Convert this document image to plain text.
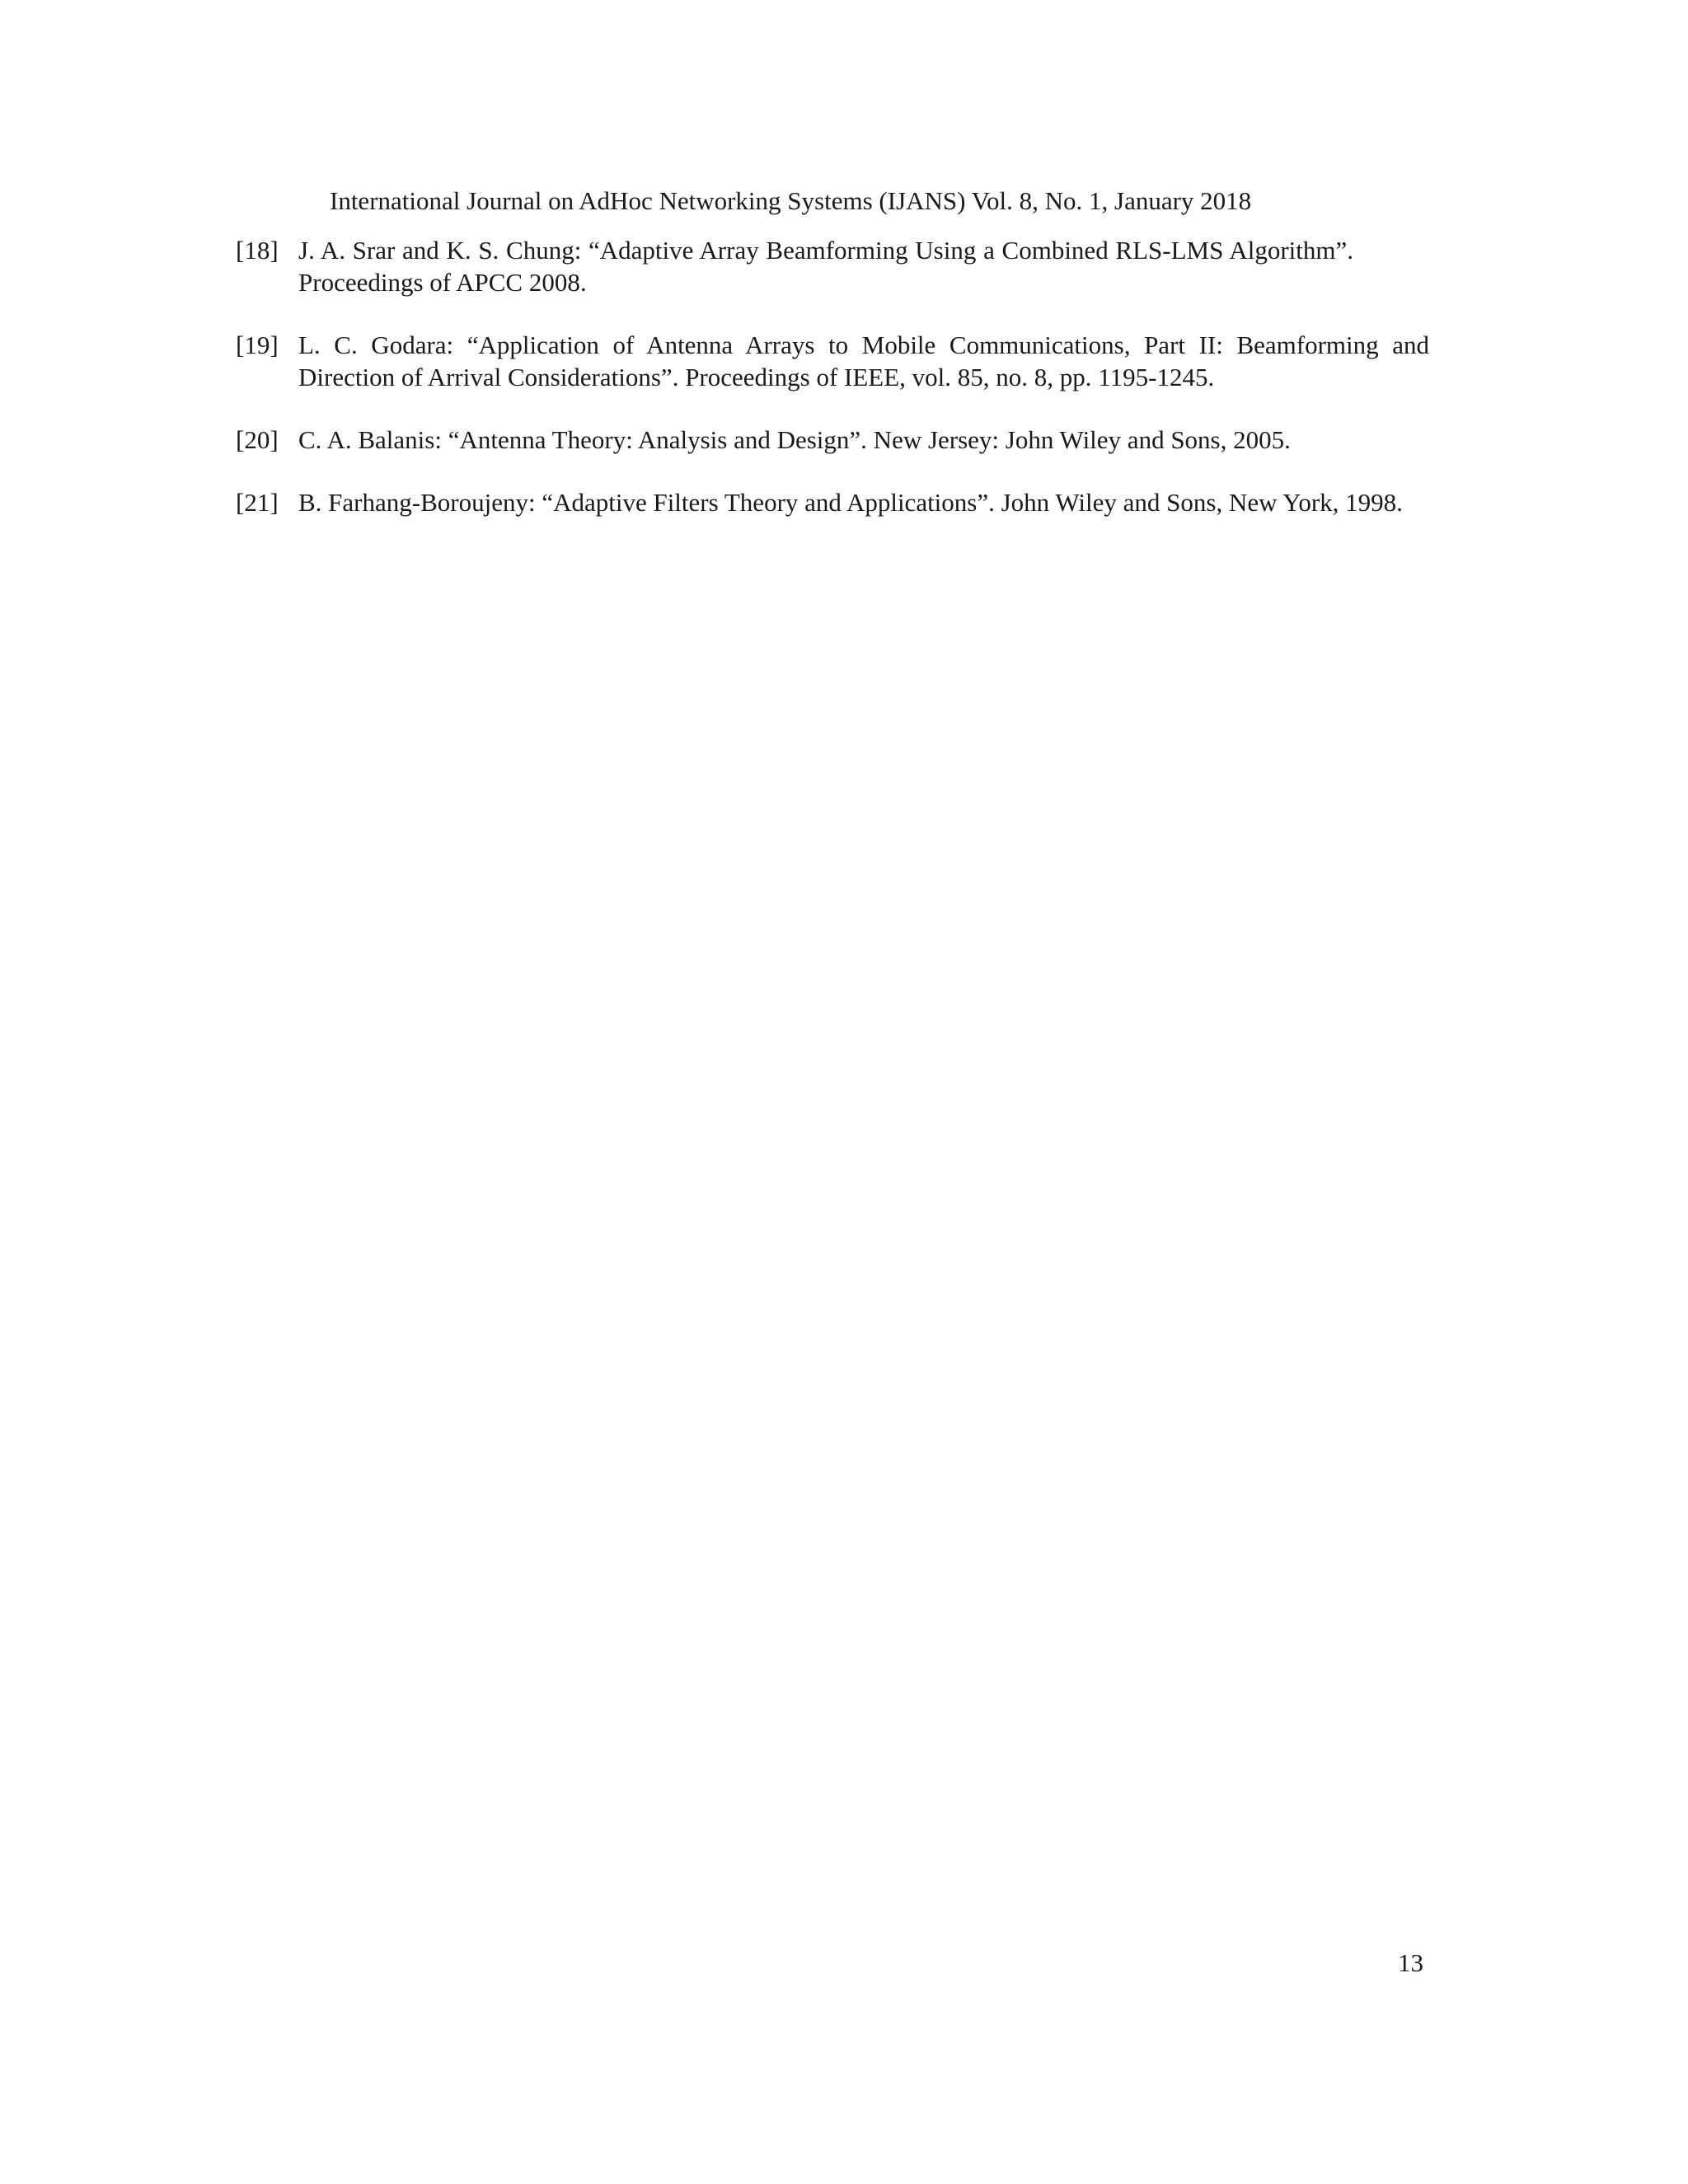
International Journal on AdHoc Networking Systems (IJANS) Vol. 8, No. 1, January 2018
[18] J. A. Srar and K. S. Chung: “Adaptive Array Beamforming Using a Combined RLS-LMS Algorithm”. Proceedings of APCC 2008.
[19] L. C. Godara: “Application of Antenna Arrays to Mobile Communications, Part II: Beamforming and Direction of Arrival Considerations”. Proceedings of IEEE, vol. 85, no. 8, pp. 1195-1245.
[20] C. A. Balanis: “Antenna Theory: Analysis and Design”. New Jersey: John Wiley and Sons, 2005.
[21] B. Farhang-Boroujeny: “Adaptive Filters Theory and Applications”. John Wiley and Sons, New York, 1998.
13
